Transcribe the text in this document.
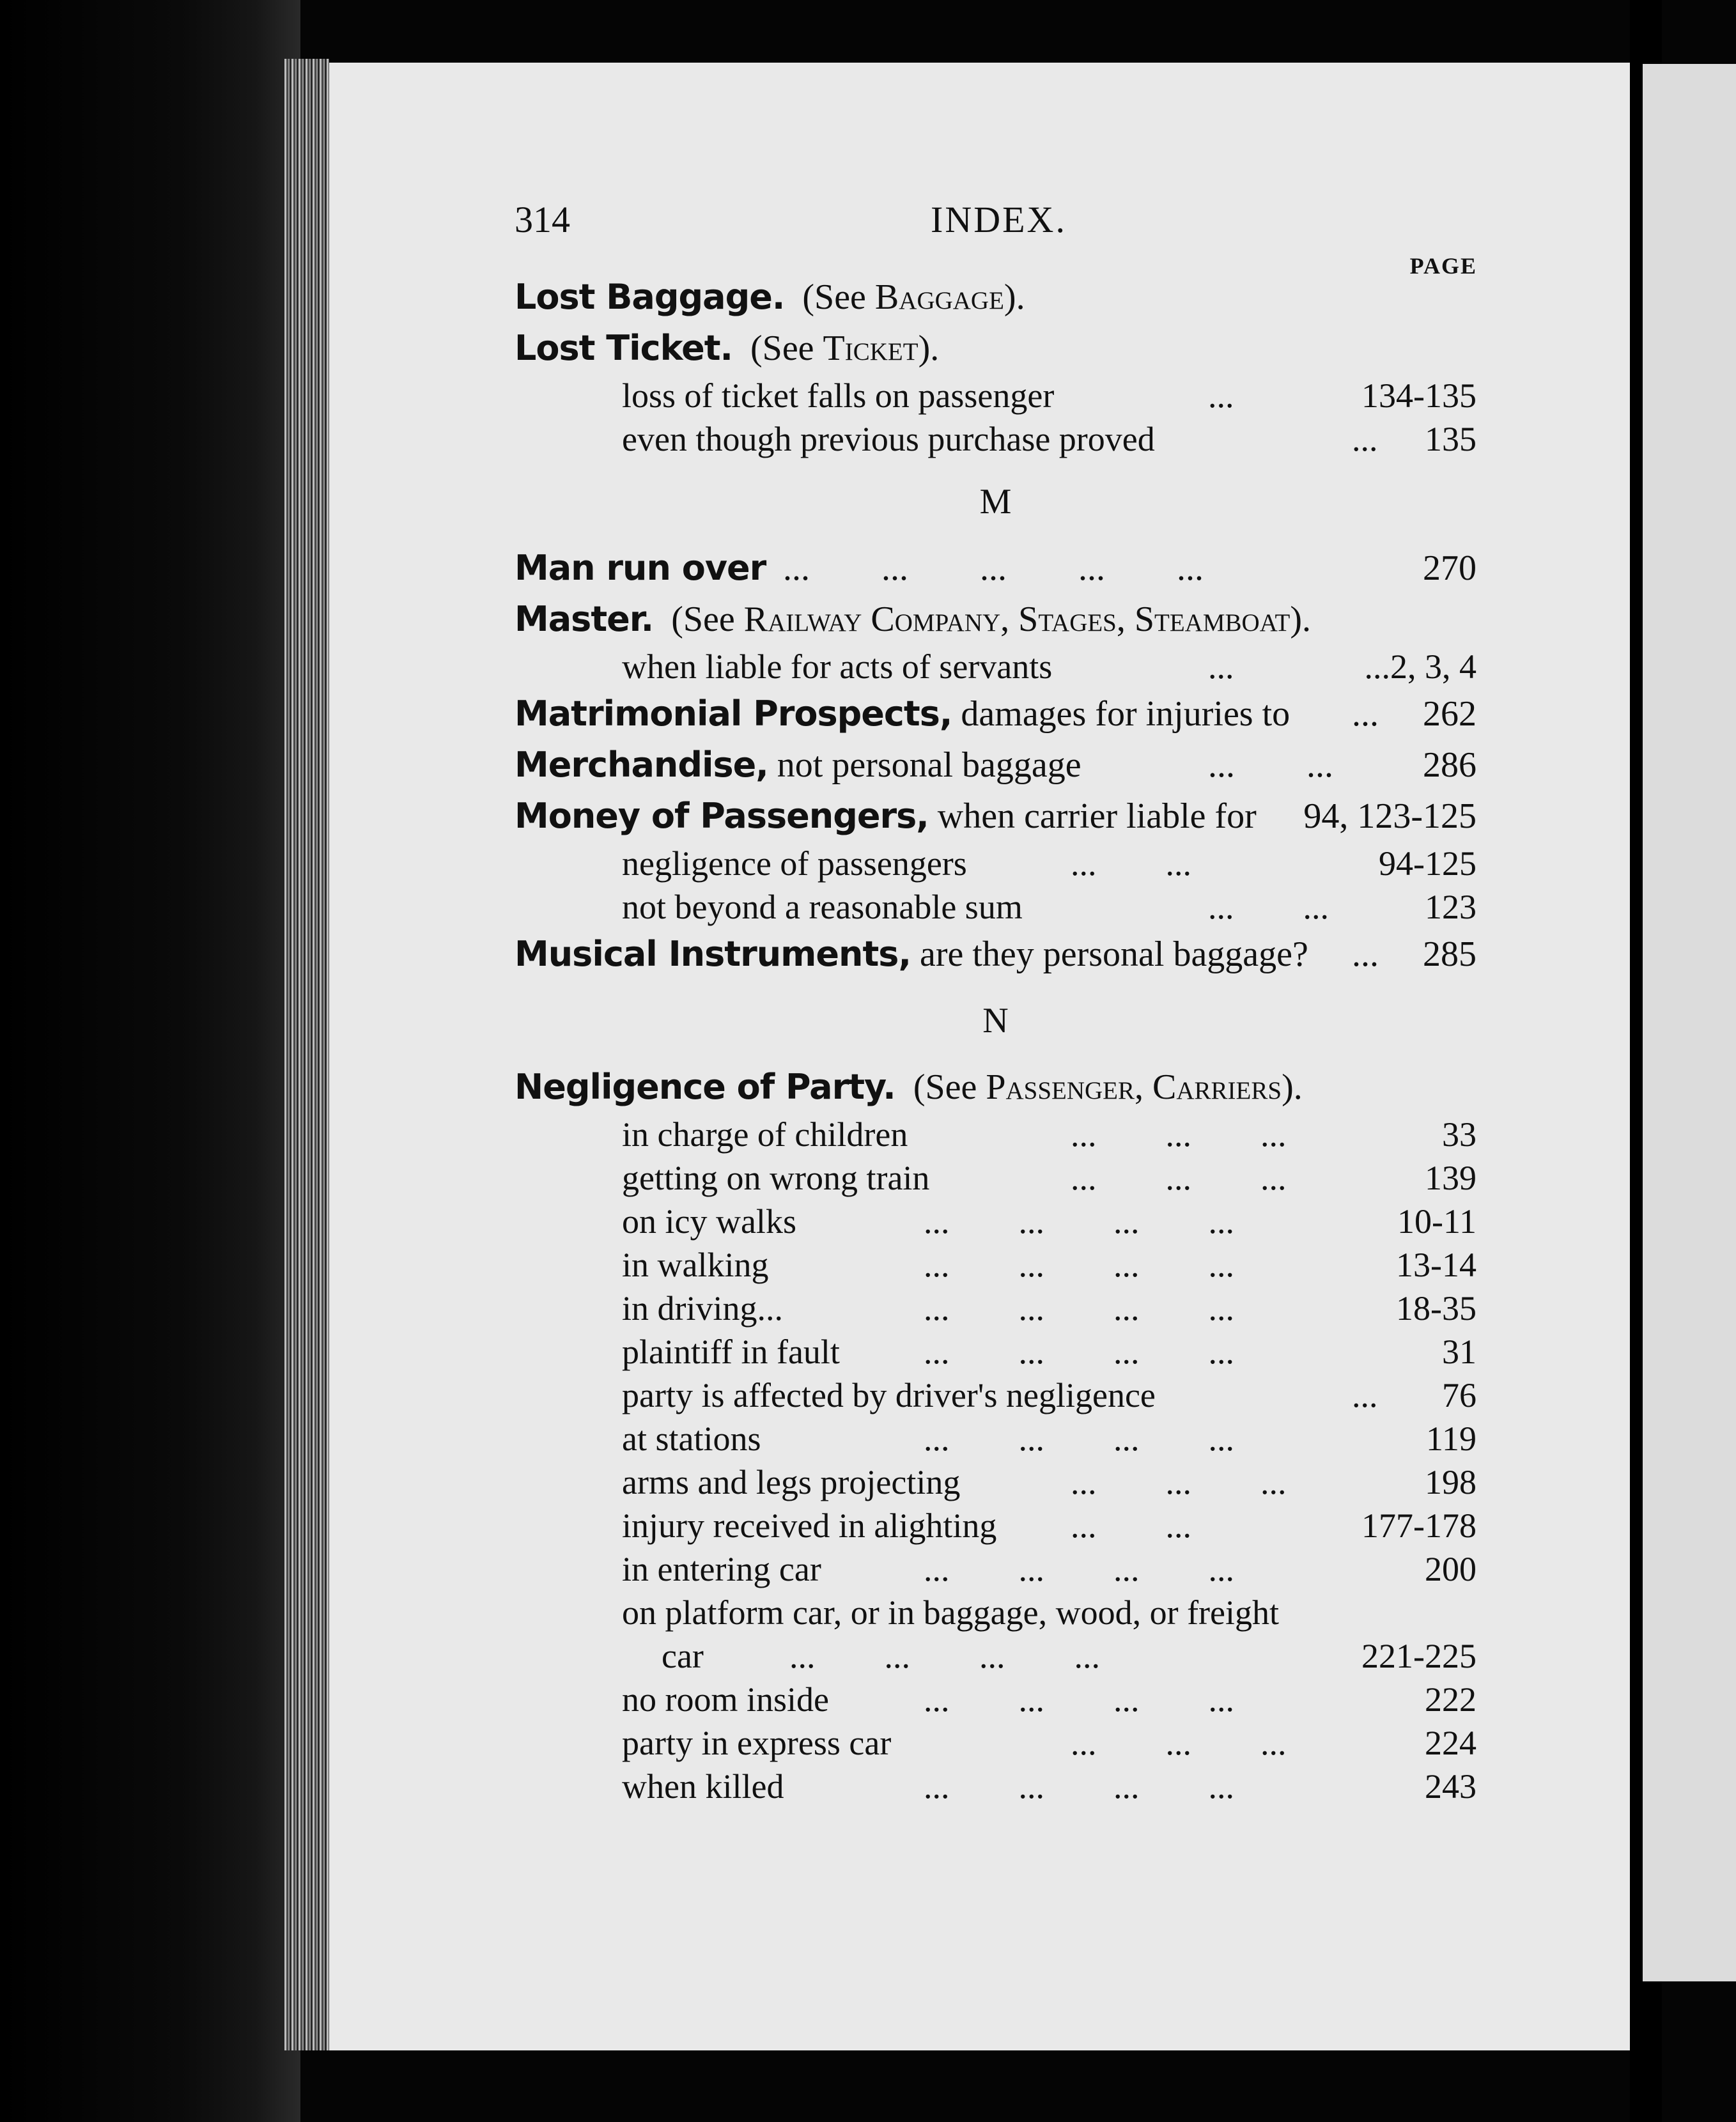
314	INDEX.
PAGE
Lost Baggage. (See Baggage).
Lost Ticket. (See Ticket).
loss of ticket falls on passenger	...	134-135
even though previous purchase proved	... 135
M
Man run over ...        ...        ...        ...        ...	270
Master. (See Railway Company, Stages, Steamboat).
when liable for acts of servants	...	...2, 3, 4
Matrimonial Prospects, damages for injuries to ... 262
Merchandise, not personal baggage	...        ...	286
Money of Passengers, when carrier liable for 94, 123-125
negligence of passengers	...        ...	94-125
not beyond a reasonable sum	...        ...	123
Musical Instruments, are they personal baggage? ... 285
N
Negligence of Party. (See Passenger, Carriers).
in charge of children	...        ...        ...	33
getting on wrong train	...        ...        ...	139
on icy walks	...        ...        ...        ...	10-11
in walking	...        ...        ...        ...	13-14
in driving...	...        ...        ...        ...	18-35
plaintiff in fault ...        ...        ...        ...	31
party is affected by driver's negligence	... 76
at stations	...        ...        ...        ...	119
arms and legs projecting	...        ...        ...	198
injury received in alighting ...        ...	177-178
in entering car	...        ...        ...        ...	200
on platform car, or in baggage, wood, or freight
car ...        ...        ...        ...	221-225
no room inside	...        ...        ...        ...	222
party in express car	...        ...        ...	224
when killed	...        ...        ...        ...	243
